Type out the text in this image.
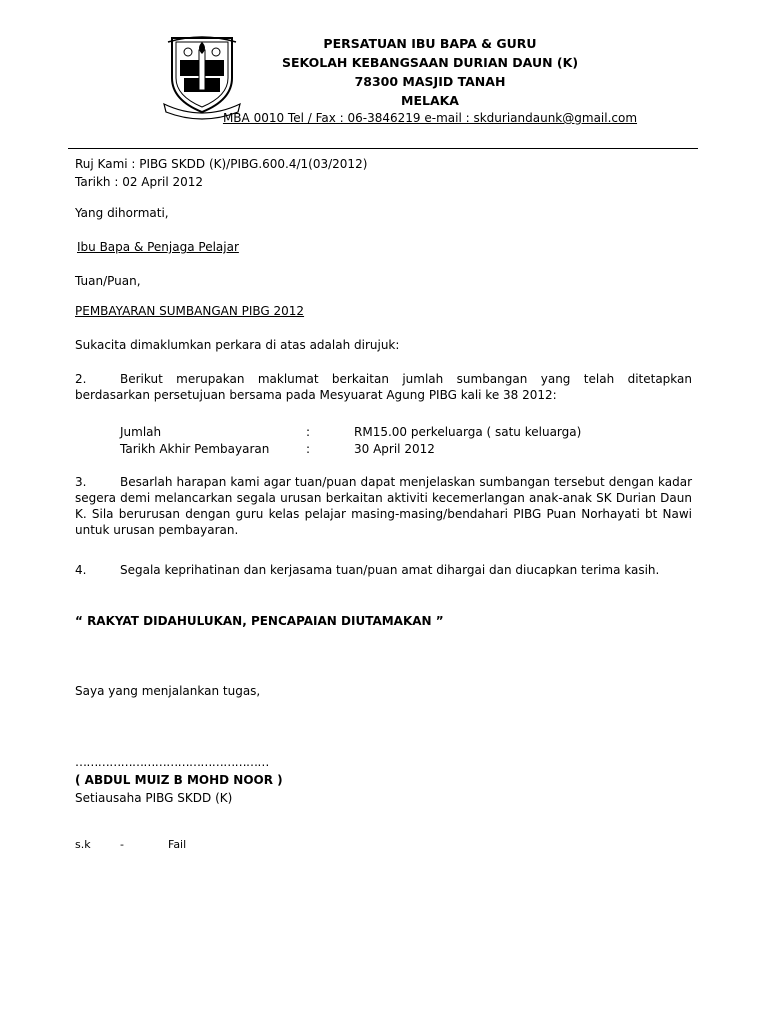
PERSATUAN IBU BAPA & GURU
SEKOLAH KEBANGSAAN DURIAN DAUN (K)
78300 MASJID TANAH
MELAKA
MBA 0010 Tel / Fax : 06-3846219 e-mail : skduriandaunk@gmail.com
Ruj Kami : PIBG SKDD (K)/PIBG.600.4/1(03/2012)
Tarikh : 02 April 2012
Yang dihormati,
Ibu Bapa & Penjaga Pelajar
Tuan/Puan,
PEMBAYARAN SUMBANGAN PIBG 2012
Sukacita dimaklumkan perkara di atas adalah dirujuk:
2.	Berikut merupakan maklumat berkaitan jumlah sumbangan yang telah ditetapkan berdasarkan persetujuan bersama pada Mesyuarat Agung PIBG kali ke 38 2012:
Jumlah	:	RM15.00 perkeluarga ( satu keluarga)
Tarikh Akhir Pembayaran	:	30 April 2012
3.	Besarlah harapan kami agar tuan/puan dapat menjelaskan sumbangan tersebut dengan kadar segera demi melancarkan segala urusan berkaitan aktiviti kecemerlangan anak-anak SK Durian Daun K. Sila berurusan dengan guru kelas pelajar masing-masing/bendahari PIBG Puan Norhayati bt Nawi untuk urusan pembayaran.
4.	Segala keprihatinan dan kerjasama tuan/puan amat dihargai dan diucapkan terima kasih.
“ RAKYAT DIDAHULUKAN, PENCAPAIAN DIUTAMAKAN ”
Saya yang menjalankan tugas,
……………………………………………
( ABDUL MUIZ B MOHD NOOR )
Setiausaha PIBG SKDD (K)
s.k	-	Fail
